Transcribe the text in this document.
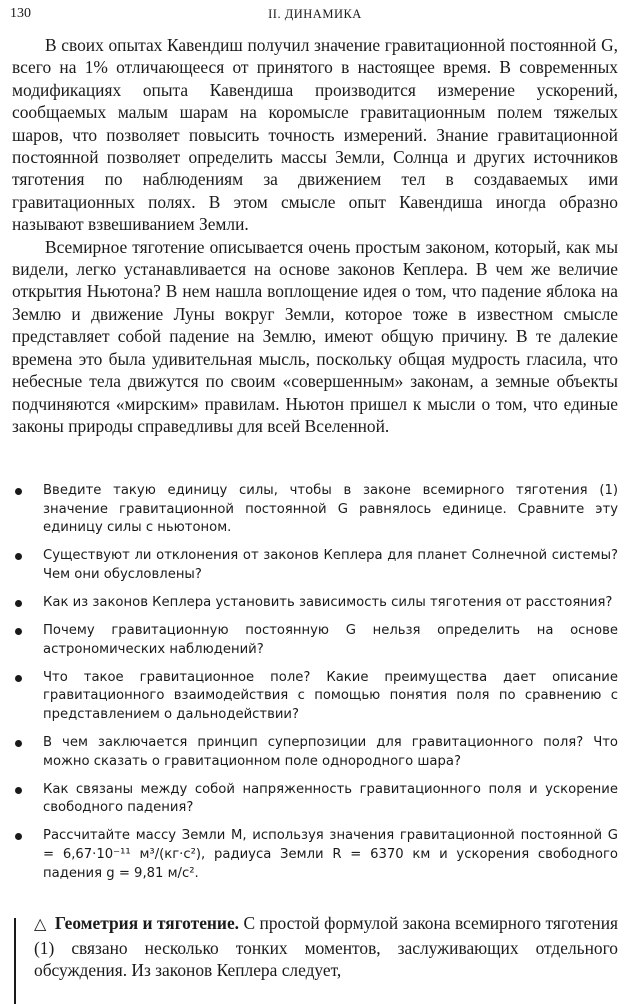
130	II. ДИНАМИКА

В своих опытах Кавендиш получил значение гравитационной постоянной G, всего на 1% отличающееся от принятого в настоящее время. В современных модификациях опыта Кавендиша производится измерение ускорений, сообщаемых малым шарам на коромысле гравитационным полем тяжелых шаров, что позволяет повысить точность измерений. Знание гравитационной постоянной позволяет определить массы Земли, Солнца и других источников тяготения по наблюдениям за движением тел в создаваемых ими гравитационных полях. В этом смысле опыт Кавендиша иногда образно называют взвешиванием Земли.

Всемирное тяготение описывается очень простым законом, который, как мы видели, легко устанавливается на основе законов Кеплера. В чем же величие открытия Ньютона? В нем нашла воплощение идея о том, что падение яблока на Землю и движение Луны вокруг Земли, которое тоже в известном смысле представляет собой падение на Землю, имеют общую причину. В те далекие времена это была удивительная мысль, поскольку общая мудрость гласила, что небесные тела движутся по своим «совершенным» законам, а земные объекты подчиняются «мирским» правилам. Ньютон пришел к мысли о том, что единые законы природы справедливы для всей Вселенной.

Введите такую единицу силы, чтобы в законе всемирного тяготения (1) значение гравитационной постоянной G равнялось единице. Сравните эту единицу силы с ньютоном.
Существуют ли отклонения от законов Кеплера для планет Солнечной системы? Чем они обусловлены?
Как из законов Кеплера установить зависимость силы тяготения от расстояния?
Почему гравитационную постоянную G нельзя определить на основе астрономических наблюдений?
Что такое гравитационное поле? Какие преимущества дает описание гравитационного взаимодействия с помощью понятия поля по сравнению с представлением о дальнодействии?
В чем заключается принцип суперпозиции для гравитационного поля? Что можно сказать о гравитационном поле однородного шара?
Как связаны между собой напряженность гравитационного поля и ускорение свободного падения?
Рассчитайте массу Земли M, используя значения гравитационной постоянной G = 6,67·10⁻¹¹ м³/(кг·с²), радиуса Земли R = 6370 км и ускорения свободного падения g = 9,81 м/с².
△ Геометрия и тяготение. С простой формулой закона всемирного тяготения (1) связано несколько тонких моментов, заслуживающих отдельного обсуждения. Из законов Кеплера следует,
